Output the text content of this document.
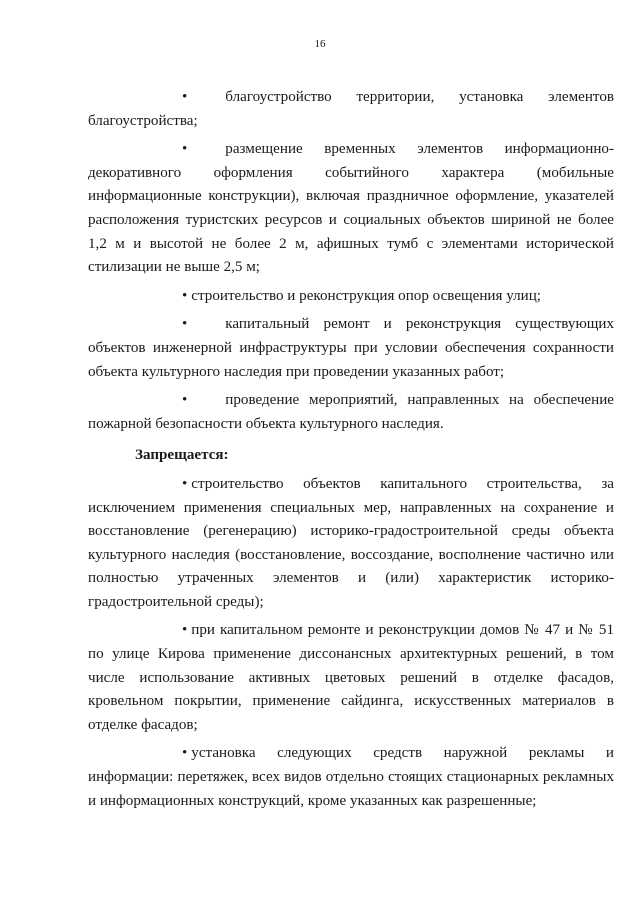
16

•	благоустройство территории, установка элементов благоустройства;

•	размещение временных элементов информационно-декоративного оформления событийного характера (мобильные информационные конструкции), включая праздничное оформление, указателей расположения туристских ресурсов и социальных объектов шириной не более 1,2 м и высотой не более 2 м, афишных тумб с элементами исторической стилизации не выше 2,5 м;

• строительство и реконструкция опор освещения улиц;

•	капитальный ремонт и реконструкция существующих объектов инженерной инфраструктуры при условии обеспечения сохранности объекта культурного наследия при проведении указанных работ;

•	проведение мероприятий, направленных на обеспечение пожарной безопасности объекта культурного наследия.

Запрещается:

• строительство объектов капитального строительства, за исключением применения специальных мер, направленных на сохранение и восстановление (регенерацию) историко-градостроительной среды объекта культурного наследия (восстановление, воссоздание, восполнение частично или полностью утраченных элементов и (или) характеристик историко-градостроительной среды);

• при капитальном ремонте и реконструкции домов № 47 и № 51 по улице Кирова применение диссонансных архитектурных решений, в том числе использование активных цветовых решений в отделке фасадов, кровельном покрытии, применение сайдинга, искусственных материалов в отделке фасадов;

• установка следующих средств наружной рекламы и информации: перетяжек, всех видов отдельно стоящих стационарных рекламных и информационных конструкций, кроме указанных как разрешенные;
